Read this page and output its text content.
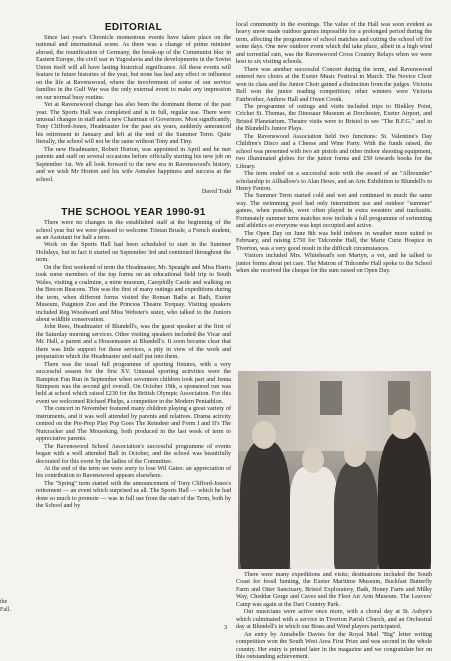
EDITORIAL

Since last year's Chronicle momentous events have taken place on the national and international scene. As there was a change of prime minister abroad, the reunification of Germany, the break-up of the Communist bloc in Eastern Europe, the civil war in Yugoslavia and the developments in the Soviet Union itself will all have lasting historical significance. All these events will feature in future histories of the year, but none has had any effect or influence on the life at Ravenswood, where the involvement of some of our service families in the Gulf War was the only external event to make any impression on our normal busy routine.

Yet at Ravenswood change has also been the dominant theme of the past year. The Sports Hall was completed and is in full, regular use. There were unusual changes in staff and a new Chairman of Governors. Most significantly, Tony Clifford-Jones, Headmaster for the past six years, suddenly announced his retirement in January and left at the end of the Summer Term. Quite literally, the school will not be the same without Tony and Tiny.

The new Headmaster, Robert Horton, was appointed in April and he met parents and staff on several occasions before officially starting his new job on September 1st. We all look forward to the new era in Ravenswood's history, and we wish Mr Horton and his wife Annalee happiness and success at the school.

David Todd

THE SCHOOL YEAR 1990-91

There were no changes in the established staff at the beginning of the school year but we were pleased to welcome Tristan Brusle, a French student, as an Assistant for half a term.

Work on the Sports Hall had been scheduled to start in the Summer Holidays, but in fact it started on September 3rd and continued throughout the term.

On the first weekend of term the Headmaster, Mr. Speaight and Miss Harris took some members of the top forms on an educational field trip to South Wales, visiting a coalmine, a mine museum, Caerphilly Castle and walking on the Brecon Beacons. This was the first of many outings and expeditions during the term, when different forms visited the Roman Baths at Bath, Exeter Museum, Paignton Zoo and the Princess Theatre Torquay. Visiting speakers included Reg Woodward and Miss Webster's sister, who talked to the Juniors about wildlife conservation.

John Rees, Headmaster of Blundell's, was the guest speaker at the first of the Saturday morning services. Other visiting speakers included the Vicar and Mr. Hall, a parent and a Housemaster at Blundell's. It soon became clear that there was little support for these services, a pity in view of the work and preparation which the Headmaster and staff put into them.

There was the usual full programme of sporting fixtures, with a very successful season for the first XV. Unusual sporting activities were the Bampton Fun Run in September when seventeen children took part and Jenna Stimpson was the second girl overall. On October 19th, a sponsored run was held at school which raised £230 for the British Olympic Association. For this event we welcomed Richard Phelps, a competitor in the Modern Pentathlon.

The concert in November featured many children playing a great variety of instruments, and it was well attended by parents and relatives. Drama activity centred on the Pre-Prep Play Pop Goes The Reindeer and Form I and II's The Nutcracker and The Mouseking, both produced in the last week of term to appreciative parents.

The Ravenswood School Association's successful programme of events began with a well attended Ball in October, and the school was beautifully decorated for this event by the ladies of the Committee.

At the end of the term we were sorry to lose Wil Gates: an appreciation of his contribution to Ravenswood appears elsewhere.

The "Spring" term started with the announcement of Tony Clifford-Jones's retirement — an event which surprised us all. The Sports Hall — which he had done so much to promote — was in full use from the start of the Term, both by the School and by

local community in the evenings. The value of the Hall was soon evident as heavy snow made outdoor games impossible for a prolonged period during the term, affecting the programme of school matches and cutting the school off for some days. One new outdoor event which did take place, albeit in a high wind and torrential rain, was the Ravenswood Cross Country Relays when we were host to six visiting schools.

There was another successful Concert during the term, and Ravenswood entered two choirs at the Exeter Music Festival in March. The Novice Choir won its class and the Junior Choir gained a distinction from the judges. Victoria Bell won the junior reading competition; other winners were Victoria Fairbrother, Andrew Hall and Owen Cronk.

The programme of outings and visits included trips to Hinkley Point, Cricket St. Thomas, the Dinosaur Museum at Dorchester, Exeter Airport, and Bristol Planetarium. Theatre visits were to Bristol to see "The B.F.G." and to the Blundell's Junior Plays.

The Ravenswood Association held two functions: St. Valentine's Day Children's Disco and a Cheese and Wine Party. With the funds raised, the school was presented with two air pistols and other indoor shooting equipment, two illuminated globes for the junior forms and £50 towards books for the Library.

The term ended on a successful note with the award of an "Allrounder" scholarship to Allhallow's to Alan Hews, and an Arts Exhibition to Blundell's to Henry Fenton.

The Summer Term started cold and wet and continued in much the same way. The swimming pool had only intermittent use and outdoor "summer" games, when possible, were often played in extra sweaters and tracksuits. Fortunately summer term matches now include a full programme of swimming and athletics so everyone was kept occupied and active.

The Open Day on June 8th was held indoors in weather more suited to February, and raising £750 for Tidcombe Hall, the Marie Curie Hospice in Tiverton, was a very good result in the difficult circumstances.

Visitors included Mrs. Whitehead's son Martyn, a vet, and he talked to junior forms about pet care. The Matron of Tidcombe Hall spoke to the School when she received the cheque for the sum raised on Open Day.

There were many expeditions and visits; destinations included the South Coast for fossil hunting, the Exeter Maritime Museum, Buckfast Butterfly Farm and Otter Sanctuary, Bristol Exploratory, Bath, Honey Farm and Milky Way, Cheddar Gorge and Caves and the Fleet Air Arm Museum. The Leavers' Camp was again at the Dart Country Park.

Our musicians were active once more, with a choral day at St. Aubyn's which culminated with a service in Tiverton Parish Church, and an Orchestral day at Blundell's in which our Brass and Wind players participated.

An entry by Annabelle Davies for the Royal Mail "Big" letter writing competition won the South West Area First Prize and was second in the whole country. Her entry is printed later in the magazine and we congratulate her on this outstanding achievement.

the
Fall.
3
